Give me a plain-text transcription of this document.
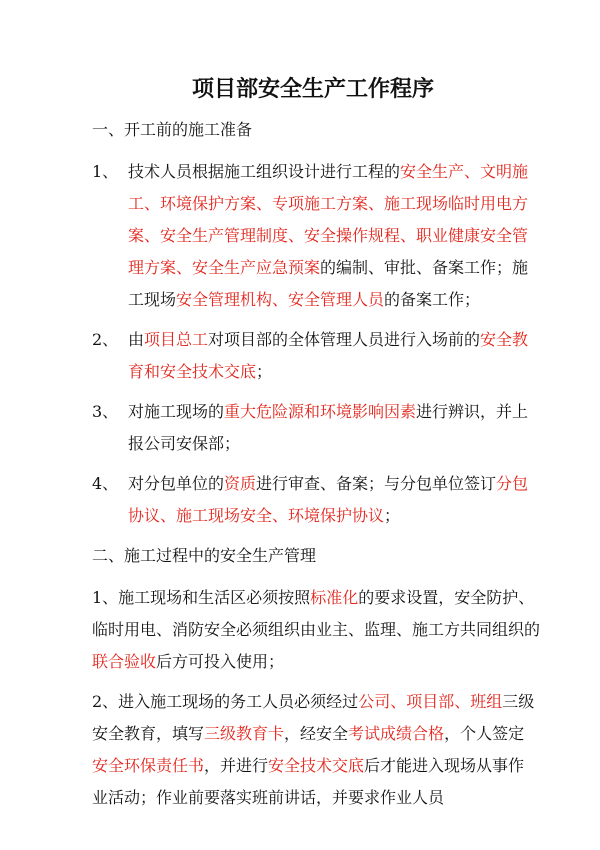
项目部安全生产工作程序
一、开工前的施工准备
1、 技术人员根据施工组织设计进行工程的安全生产、文明施工、环境保护方案、专项施工方案、施工现场临时用电方案、安全生产管理制度、安全操作规程、职业健康安全管理方案、安全生产应急预案的编制、审批、备案工作；施工现场安全管理机构、安全管理人员的备案工作；
2、 由项目总工对项目部的全体管理人员进行入场前的安全教育和安全技术交底；
3、 对施工现场的重大危险源和环境影响因素进行辨识，并上报公司安保部；
4、 对分包单位的资质进行审查、备案；与分包单位签订分包协议、施工现场安全、环境保护协议；
二、施工过程中的安全生产管理
1、施工现场和生活区必须按照标准化的要求设置，安全防护、临时用电、消防安全必须组织由业主、监理、施工方共同组织的联合验收后方可投入使用；
2、进入施工现场的务工人员必须经过公司、项目部、班组三级安全教育，填写三级教育卡，经安全考试成绩合格，个人签定安全环保责任书，并进行安全技术交底后才能进入现场从事作业活动；作业前要落实班前讲话，并要求作业人员
